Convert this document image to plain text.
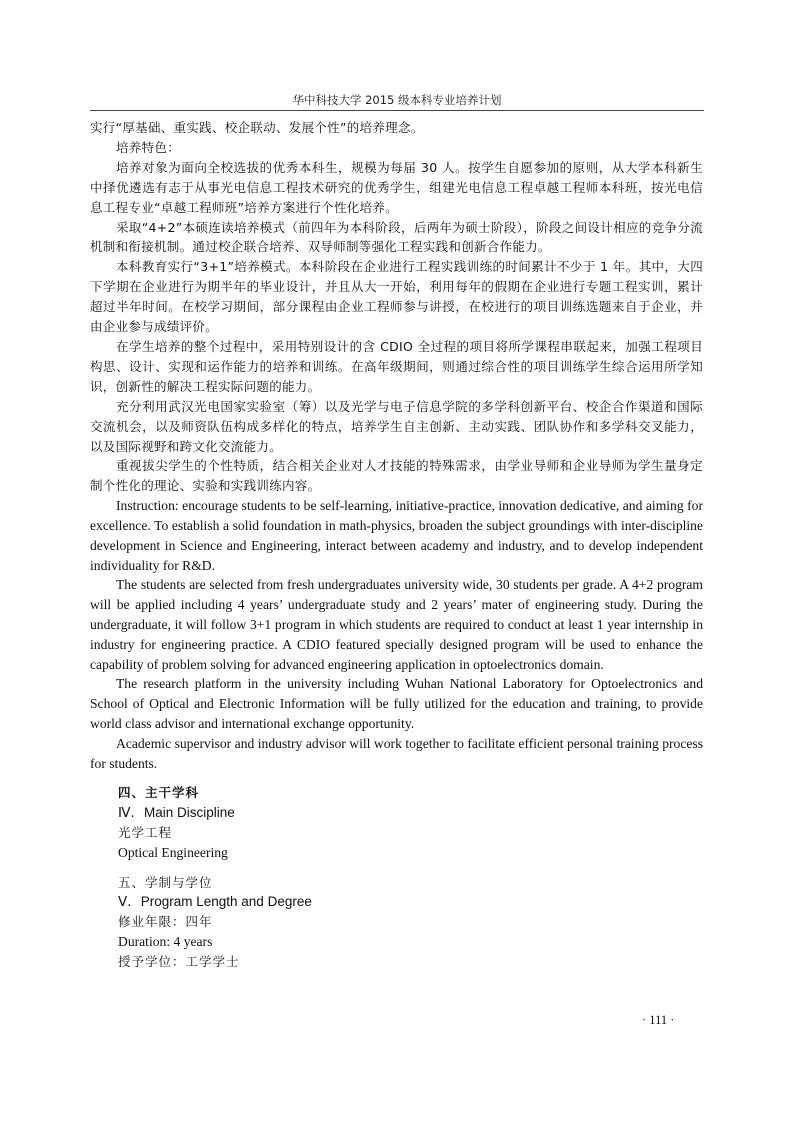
华中科技大学 2015 级本科专业培养计划

实行“厚基础、重实践、校企联动、发展个性”的培养理念。

培养特色：

培养对象为面向全校选拔的优秀本科生，规模为每届 30 人。按学生自愿参加的原则，从大学本科新生中择优遴选有志于从事光电信息工程技术研究的优秀学生，组建光电信息工程卓越工程师本科班，按光电信息工程专业“卓越工程师班”培养方案进行个性化培养。

采取“4+2”本硕连读培养模式（前四年为本科阶段，后两年为硕士阶段），阶段之间设计相应的竞争分流机制和衔接机制。通过校企联合培养、双导师制等强化工程实践和创新合作能力。

本科教育实行“3+1”培养模式。本科阶段在企业进行工程实践训练的时间累计不少于 1 年。其中，大四下学期在企业进行为期半年的毕业设计，并且从大一开始，利用每年的假期在企业进行专题工程实训，累计超过半年时间。在校学习期间，部分课程由企业工程师参与讲授，在校进行的项目训练选题来自于企业，并由企业参与成绩评价。

在学生培养的整个过程中，采用特别设计的含 CDIO 全过程的项目将所学课程串联起来，加强工程项目构思、设计、实现和运作能力的培养和训练。在高年级期间，则通过综合性的项目训练学生综合运用所学知识，创新性的解决工程实际问题的能力。

充分利用武汉光电国家实验室（筹）以及光学与电子信息学院的多学科创新平台、校企合作渠道和国际交流机会，以及师资队伍构成多样化的特点，培养学生自主创新、主动实践、团队协作和多学科交叉能力，以及国际视野和跨文化交流能力。

重视拔尖学生的个性特质，结合相关企业对人才技能的特殊需求，由学业导师和企业导师为学生量身定制个性化的理论、实验和实践训练内容。

Instruction: encourage students to be self-learning, initiative-practice, innovation dedicative, and aiming for excellence. To establish a solid foundation in math-physics, broaden the subject groundings with inter-discipline development in Science and Engineering, interact between academy and industry, and to develop independent individuality for R&D.

The students are selected from fresh undergraduates university wide, 30 students per grade. A 4+2 program will be applied including 4 years’ undergraduate study and 2 years’ mater of engineering study. During the undergraduate, it will follow 3+1 program in which students are required to conduct at least 1 year internship in industry for engineering practice. A CDIO featured specially designed program will be used to enhance the capability of problem solving for advanced engineering application in optoelectronics domain.

The research platform in the university including Wuhan National Laboratory for Optoelectronics and School of Optical and Electronic Information will be fully utilized for the education and training, to provide world class advisor and international exchange opportunity.

Academic supervisor and industry advisor will work together to facilitate efficient personal training process for students.

四、主干学科
Ⅳ．Main Discipline
光学工程
Optical Engineering
五、学制与学位
Ⅴ．Program Length and Degree
修业年限：四年
Duration: 4 years
授予学位：工学学士
· 111 ·
